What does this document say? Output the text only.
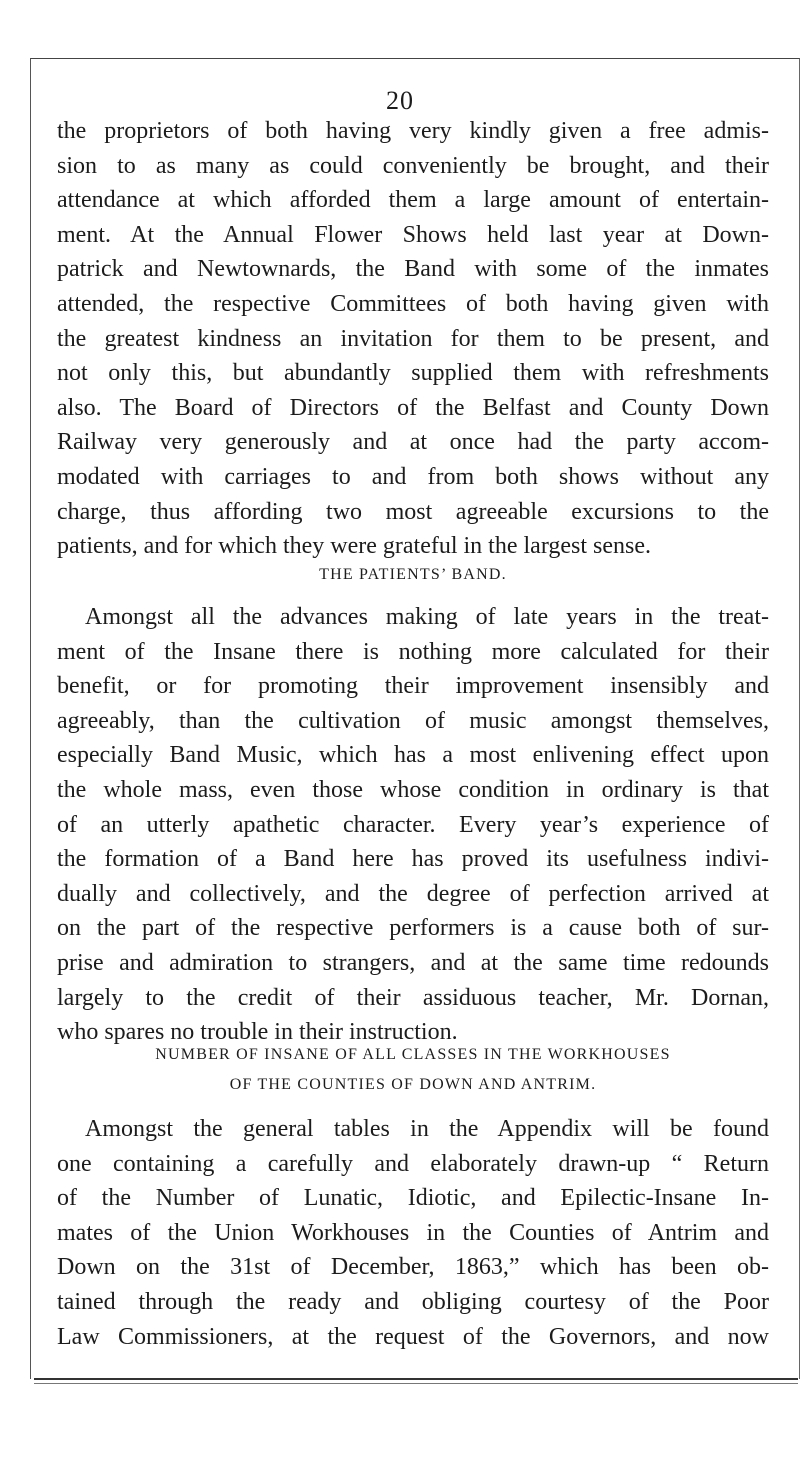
20
the proprietors of both having very kindly given a free admis-
sion to as many as could conveniently be brought, and their
attendance at which afforded them a large amount of entertain-
ment. At the Annual Flower Shows held last year at Down-
patrick and Newtownards, the Band with some of the inmates
attended, the respective Committees of both having given with
the greatest kindness an invitation for them to be present, and
not only this, but abundantly supplied them with refreshments
also. The Board of Directors of the Belfast and County Down
Railway very generously and at once had the party accom-
modated with carriages to and from both shows without any
charge, thus affording two most agreeable excursions to the
patients, and for which they were grateful in the largest sense.
THE PATIENTS’ BAND.
Amongst all the advances making of late years in the treat-
ment of the Insane there is nothing more calculated for their
benefit, or for promoting their improvement insensibly and
agreeably, than the cultivation of music amongst themselves,
especially Band Music, which has a most enlivening effect upon
the whole mass, even those whose condition in ordinary is that
of an utterly apathetic character. Every year’s experience of
the formation of a Band here has proved its usefulness indivi-
dually and collectively, and the degree of perfection arrived at
on the part of the respective performers is a cause both of sur-
prise and admiration to strangers, and at the same time redounds
largely to the credit of their assiduous teacher, Mr. Dornan,
who spares no trouble in their instruction.
NUMBER OF INSANE OF ALL CLASSES IN THE WORKHOUSES
OF THE COUNTIES OF DOWN AND ANTRIM.
Amongst the general tables in the Appendix will be found
one containing a carefully and elaborately drawn-up “ Return
of the Number of Lunatic, Idiotic, and Epilectic-Insane In-
mates of the Union Workhouses in the Counties of Antrim and
Down on the 31st of December, 1863,” which has been ob-
tained through the ready and obliging courtesy of the Poor
Law Commissioners, at the request of the Governors, and now
